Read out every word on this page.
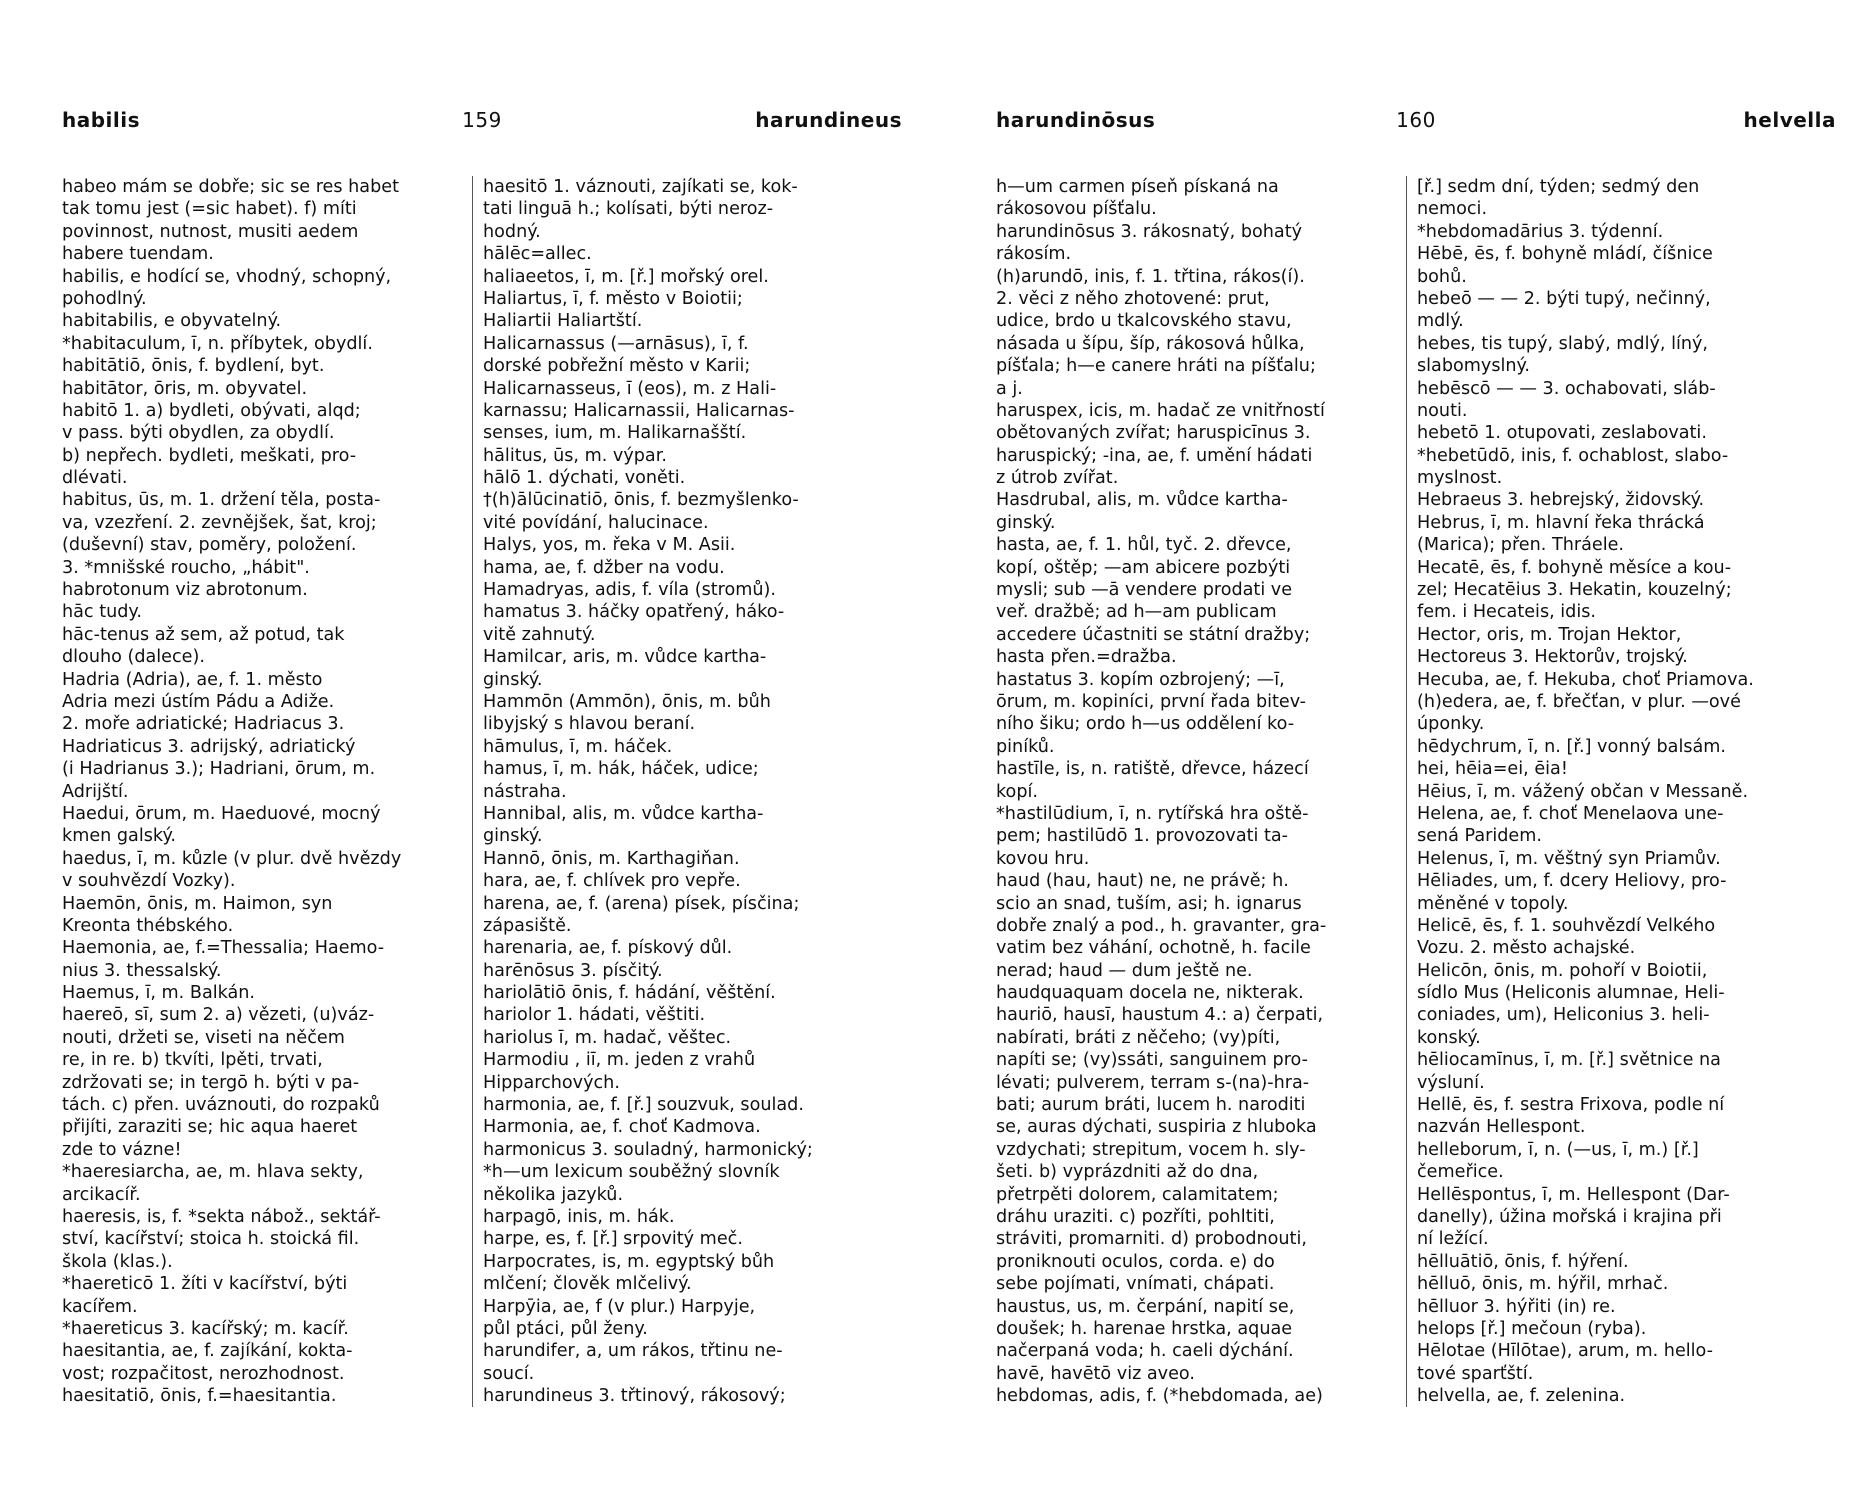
habilis	159	harundineus
habeo mám se dobře; sic se res habet
tak tomu jest (=sic habet). f) míti
povinnost, nutnost, musiti aedem
habere tuendam.
habilis, e hodící se, vhodný, schopný,
pohodlný.
habitabilis, e obyvatelný.
*habitaculum, ī, n. příbytek, obydlí.
habitātiō, ōnis, f. bydlení, byt.
habitātor, ōris, m. obyvatel.
habitō 1. a) bydleti, obývati, alqd;
v pass. býti obydlen, za obydlí.
b) nepřech. bydleti, meškati, pro-
dlévati.
habitus, ūs, m. 1. držení těla, posta-
va, vzezření. 2. zevnějšek, šat, kroj;
(duševní) stav, poměry, položení.
3. *mnišské roucho, „hábit".
habrotonum viz abrotonum.
hāc tudy.
hāc-tenus až sem, až potud, tak
dlouho (dalece).
Hadria (Adria), ae, f. 1. město
Adria mezi ústím Pádu a Adiže.
2. moře adriatické; Hadriacus 3.
Hadriaticus 3. adrijský, adriatický
(i Hadrianus 3.); Hadriani, ōrum, m.
Adrijští.
Haedui, ōrum, m. Haeduové, mocný
kmen galský.
haedus, ī, m. kůzle (v plur. dvě hvězdy
v souhvězdí Vozky).
Haemōn, ōnis, m. Haimon, syn
Kreonta thébského.
Haemonia, ae, f.=Thessalia; Haemo-
nius 3. thessalský.
Haemus, ī, m. Balkán.
haereō, sī, sum 2. a) vězeti, (u)váz-
nouti, držeti se, viseti na něčem
re, in re. b) tkvíti, lpěti, trvati,
zdržovati se; in tergō h. býti v pa-
tách. c) přen. uváznouti, do rozpaků
přijíti, zaraziti se; hic aqua haeret
zde to vázne!
*haeresiarcha, ae, m. hlava sekty,
arcikacíř.
haeresis, is, f. *sekta nábož., sektář-
ství, kacířství; stoica h. stoická fil.
škola (klas.).
*haereticō 1. žíti v kacířství, býti
kacířem.
*haereticus 3. kacířský; m. kacíř.
haesitantia, ae, f. zajíkání, kokta-
vost; rozpačitost, nerozhodnost.
haesitatiō, ōnis, f.=haesitantia.
haesitō 1. váznouti, zajíkati se, kok-
tati linguā h.; kolísati, býti neroz-
hodný.
hālēc=allec.
haliaeetos, ī, m. [ř.] mořský orel.
Haliartus, ī, f. město v Boiotii;
Haliartii Haliartští.
Halicarnassus (—arnāsus), ī, f.
dorské pobřežní město v Karii;
Halicarnasseus, ī (eos), m. z Hali-
karnassu; Halicarnassii, Halicarnas-
senses, ium, m. Halikarnašští.
hālitus, ūs, m. výpar.
hālō 1. dýchati, voněti.
†(h)ālūcinatiō, ōnis, f. bezmyšlenko-
vité povídání, halucinace.
Halys, yos, m. řeka v M. Asii.
hama, ae, f. džber na vodu.
Hamadryas, adis, f. víla (stromů).
hamatus 3. háčky opatřený, háko-
vitě zahnutý.
Hamilcar, aris, m. vůdce kartha-
ginský.
Hammōn (Ammōn), ōnis, m. bůh
libyjský s hlavou beraní.
hāmulus, ī, m. háček.
hamus, ī, m. hák, háček, udice;
nástraha.
Hannibal, alis, m. vůdce kartha-
ginský.
Hannō, ōnis, m. Karthagiňan.
hara, ae, f. chlívek pro vepře.
harena, ae, f. (arena) písek, písčina;
zápasiště.
harenaria, ae, f. pískový důl.
harēnōsus 3. písčitý.
hariolātiō ōnis, f. hádání, věštění.
hariolor 1. hádati, věštiti.
hariolus ī, m. hadač, věštec.
Harmodiu , iī, m. jeden z vrahů
Hipparchových.
harmonia, ae, f. [ř.] souzvuk, soulad.
Harmonia, ae, f. choť Kadmova.
harmonicus 3. souladný, harmonický;
*h—um lexicum souběžný slovník
několika jazyků.
harpagō, inis, m. hák.
harpe, es, f. [ř.] srpovitý meč.
Harpocrates, is, m. egyptský bůh
mlčení; člověk mlčelivý.
Harpȳia, ae, f (v plur.) Harpyje,
půl ptáci, půl ženy.
harundifer, a, um rákos, třtinu ne-
soucí.
harundineus 3. třtinový, rákosový;
harundinōsus	160	helvella
h—um carmen píseň pískaná na
rákosovou píšťalu.
harundinōsus 3. rákosnatý, bohatý
rákosím.
(h)arundō, inis, f. 1. třtina, rákos(í).
2. věci z něho zhotovené: prut,
udice, brdo u tkalcovského stavu,
násada u šípu, šíp, rákosová hůlka,
píšťala; h—e canere hráti na píšťalu;
a j.
haruspex, icis, m. hadač ze vnitřností
obětovaných zvířat; haruspicīnus 3.
haruspický; -ina, ae, f. umění hádati
z útrob zvířat.
Hasdrubal, alis, m. vůdce kartha-
ginský.
hasta, ae, f. 1. hůl, tyč. 2. dřevce,
kopí, oštěp; —am abicere pozbýti
mysli; sub —ā vendere prodati ve
veř. dražbě; ad h—am publicam
accedere účastniti se státní dražby;
hasta přen.=dražba.
hastatus 3. kopím ozbrojený; —ī,
ōrum, m. kopiníci, první řada bitev-
ního šiku; ordo h—us oddělení ko-
piníků.
hastīle, is, n. ratiště, dřevce, házecí
kopí.
*hastilūdium, ī, n. rytířská hra oště-
pem; hastilūdō 1. provozovati ta-
kovou hru.
haud (hau, haut) ne, ne právě; h.
scio an snad, tuším, asi; h. ignarus
dobře znalý a pod., h. gravanter, gra-
vatim bez váhání, ochotně, h. facile
nerad; haud — dum ještě ne.
haudquaquam docela ne, nikterak.
hauriō, hausī, haustum 4.: a) čerpati,
nabírati, bráti z něčeho; (vy)píti,
napíti se; (vy)ssáti, sanguinem pro-
lévati; pulverem, terram s-(na)-hra-
bati; aurum bráti, lucem h. naroditi
se, auras dýchati, suspiria z hluboka
vzdychati; strepitum, vocem h. sly-
šeti. b) vyprázdniti až do dna,
přetrpěti dolorem, calamitatem;
dráhu uraziti. c) pozříti, pohltiti,
stráviti, promarniti. d) probodnouti,
proniknouti oculos, corda. e) do
sebe pojímati, vnímati, chápati.
haustus, us, m. čerpání, napití se,
doušek; h. harenae hrstka, aquae
načerpaná voda; h. caeli dýchání.
havē, havētō viz aveo.
hebdomas, adis, f. (*hebdomada, ae)
[ř.] sedm dní, týden; sedmý den
nemoci.
*hebdomadārius 3. týdenní.
Hēbē, ēs, f. bohyně mládí, číšnice
bohů.
hebeō — — 2. býti tupý, nečinný,
mdlý.
hebes, tis tupý, slabý, mdlý, líný,
slabomyslný.
hebēscō — — 3. ochabovati, sláb-
nouti.
hebetō 1. otupovati, zeslabovati.
*hebetūdō, inis, f. ochablost, slabo-
myslnost.
Hebraeus 3. hebrejský, židovský.
Hebrus, ī, m. hlavní řeka thrácká
(Marica); přen. Thráele.
Hecatē, ēs, f. bohyně měsíce a kou-
zel; Hecatēius 3. Hekatin, kouzelný;
fem. i Hecateis, idis.
Hector, oris, m. Trojan Hektor,
Hectoreus 3. Hektorův, trojský.
Hecuba, ae, f. Hekuba, choť Priamova.
(h)edera, ae, f. břečťan, v plur. —ové
úponky.
hēdychrum, ī, n. [ř.] vonný balsám.
hei, hēia=ei, ēia!
Hēius, ī, m. vážený občan v Messaně.
Helena, ae, f. choť Menelaova une-
sená Paridem.
Helenus, ī, m. věštný syn Priamův.
Hēliades, um, f. dcery Heliovy, pro-
měněné v topoly.
Helicē, ēs, f. 1. souhvězdí Velkého
Vozu. 2. město achajské.
Helicōn, ōnis, m. pohoří v Boiotii,
sídlo Mus (Heliconis alumnae, Heli-
coniades, um), Heliconius 3. heli-
konský.
hēliocamīnus, ī, m. [ř.] světnice na
výsluní.
Hellē, ēs, f. sestra Frixova, podle ní
nazván Hellespont.
helleborum, ī, n. (—us, ī, m.) [ř.]
čemeřice.
Hellēspontus, ī, m. Hellespont (Dar-
danelly), úžina mořská i krajina při
ní ležící.
hēlluātiō, ōnis, f. hýření.
hēlluō, ōnis, m. hýřil, mrhač.
hēlluor 3. hýřiti (in) re.
helops [ř.] mečoun (ryba).
Hēlotae (Hīlōtae), arum, m. hello-
tové sparťští.
helvella, ae, f. zelenina.
